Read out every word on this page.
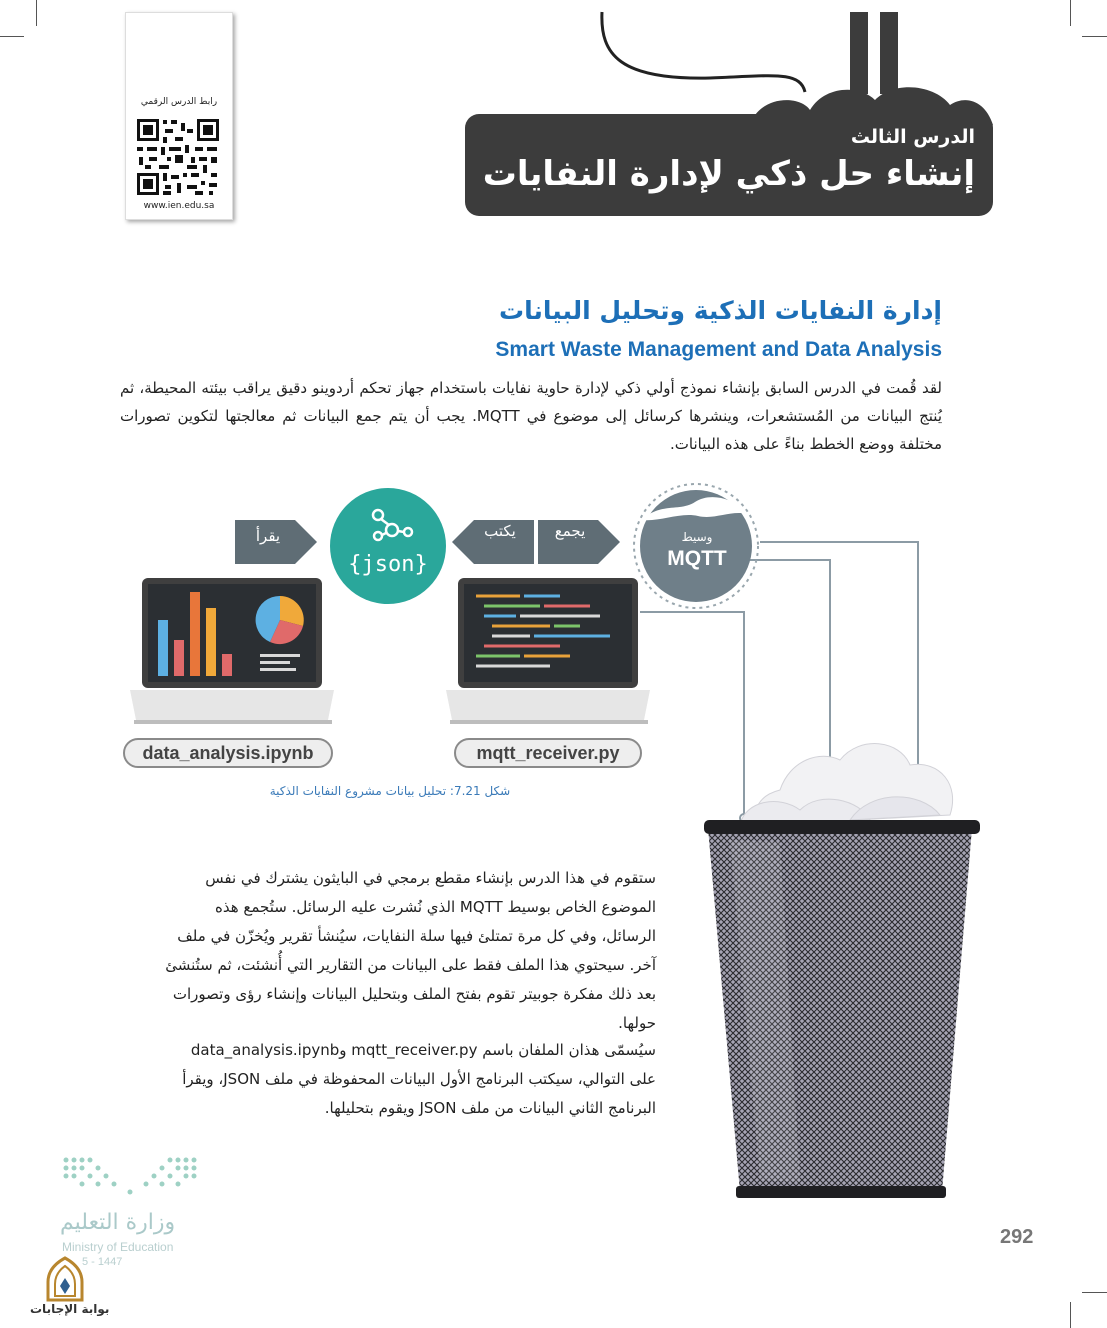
رابط الدرس الرقمي
www.ien.edu.sa
الدرس الثالث
إنشاء حل ذكي لإدارة النفايات
إدارة النفايات الذكية وتحليل البيانات
Smart Waste Management and Data Analysis
لقد قُمت في الدرس السابق بإنشاء نموذج أولي ذكي لإدارة حاوية نفايات باستخدام جهاز تحكم أردوينو دقيق يراقب بيئته المحيطة، ثم يُنتج البيانات من المُستشعرات، وينشرها كرسائل إلى موضوع في MQTT. يجب أن يتم جمع البيانات ثم معالجتها لتكوين تصورات مختلفة ووضع الخطط بناءً على هذه البيانات.
يجمع
يكتب
يقرأ	وسيط
MQTT
{json}
mqtt_receiver.py
data_analysis.ipynb
شكل 7.21: تحليل بيانات مشروع النفايات الذكية
ستقوم في هذا الدرس بإنشاء مقطع برمجي في البايثون يشترك في نفس الموضوع الخاص بوسيط MQTT الذي نُشرت عليه الرسائل. ستُجمع هذه الرسائل، وفي كل مرة تمتلئ فيها سلة النفايات، سيُنشأ تقرير ويُخزّن في ملف آخر. سيحتوي هذا الملف فقط على البيانات من التقارير التي أُنشئت، ثم ستُنشئ بعد ذلك مفكرة جوبيتر تقوم بفتح الملف وبتحليل البيانات وإنشاء رؤى وتصورات حولها.
سيُسمّى هذان الملفان باسم mqtt_receiver.py وdata_analysis.ipynb على التوالي، سيكتب البرنامج الأول البيانات المحفوظة في ملف JSON، ويقرأ البرنامج الثاني البيانات من ملف JSON ويقوم بتحليلها.
وزارة التعليم
Ministry of Education
5 - 1447
بوابة الإجابات
292
